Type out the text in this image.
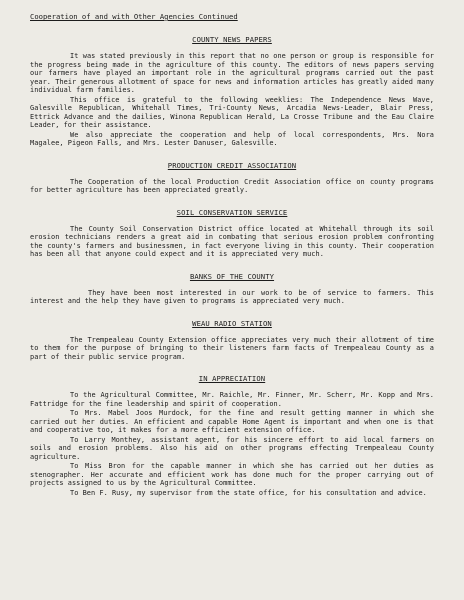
Cooperation of and with Other Agencies Continued
COUNTY NEWS PAPERS

It was stated previously in this report that no one person or group is responsible for the progress being made in the agriculture of this county. The editors of news papers serving our farmers have played an important role in the agricultural programs carried out the past year. Their generous allotment of space for news and information articles has greatly aided many individual farm families.

This office is grateful to the following weeklies: The Independence News Wave, Galesville Republican, Whitehall Times, Tri-County News, Arcadia News-Leader, Blair Press, Ettrick Advance and the dailies, Winona Republican Herald, La Crosse Tribune and the Eau Claire Leader, for their assistance.

We also appreciate the cooperation and help of local correspondents, Mrs. Nora Magalee, Pigeon Falls, and Mrs. Lester Danuser, Galesville.

PRODUCTION CREDIT ASSOCIATION

The Cooperation of the local Production Credit Association office on county programs for better agriculture has been appreciated greatly.

SOIL CONSERVATION SERVICE

The County Soil Conservation District office located at Whitehall through its soil erosion technicians renders a great aid in combating that serious erosion problem confronting the county's farmers and businessmen, in fact everyone living in this county. Their cooperation has been all that anyone could expect and it is appreciated very much.

BANKS OF THE COUNTY

They have been most interested in our work to be of service to farmers. This interest and the help they have given to programs is appreciated very much.

WEAU RADIO STATION

The Trempealeau County Extension office appreciates very much their allotment of time to them for the purpose of bringing to their listeners farm facts of Trempealeau County as a part of their public service program.

IN APPRECIATION

To the Agricultural Committee, Mr. Raichle, Mr. Finner, Mr. Scherr, Mr. Kopp and Mrs. Fattridge for the fine leadership and spirit of cooperation.

To Mrs. Mabel Joos Murdock, for the fine and result getting manner in which she carried out her duties. An efficient and capable Home Agent is important and when one is that and cooperative too, it makes for a more efficient extension office.

To Larry Monthey, assistant agent, for his sincere effort to aid local farmers on soils and erosion problems. Also his aid on other programs effecting Trempealeau County agriculture.

To Miss Bron for the capable manner in which she has carried out her duties as stenographer. Her accurate and efficient work has done much for the proper carrying out of projects assigned to us by the Agricultural Committee.

To Ben F. Rusy, my supervisor from the state office, for his consultation and advice.
